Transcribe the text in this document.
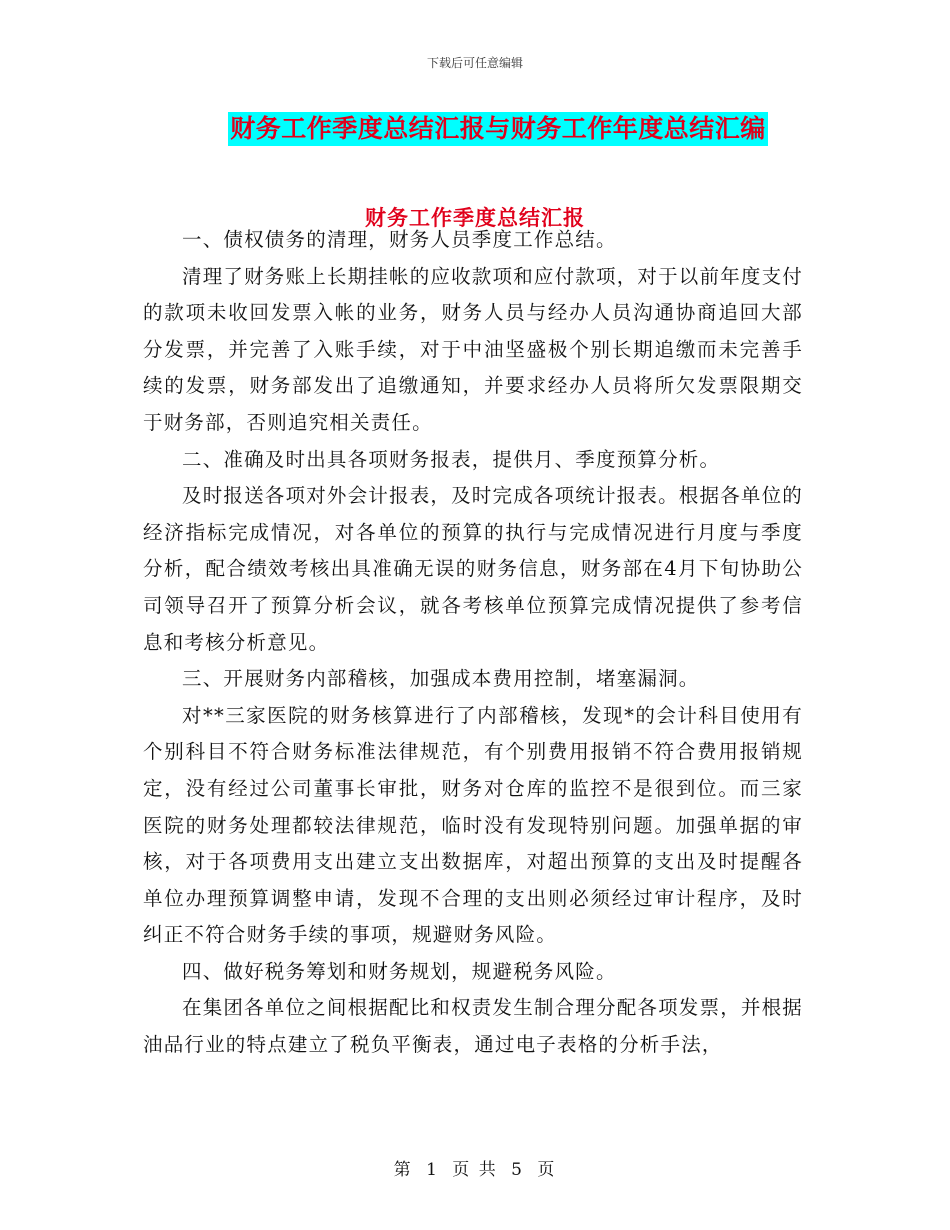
下载后可任意编辑
财务工作季度总结汇报与财务工作年度总结汇编
财务工作季度总结汇报

一、债权债务的清理，财务人员季度工作总结。

清理了财务账上长期挂帐的应收款项和应付款项，对于以前年度支付的款项未收回发票入帐的业务，财务人员与经办人员沟通协商追回大部分发票，并完善了入账手续，对于中油坚盛极个别长期追缴而未完善手续的发票，财务部发出了追缴通知，并要求经办人员将所欠发票限期交于财务部，否则追究相关责任。

二、准确及时出具各项财务报表，提供月、季度预算分析。

及时报送各项对外会计报表，及时完成各项统计报表。根据各单位的经济指标完成情况，对各单位的预算的执行与完成情况进行月度与季度分析，配合绩效考核出具准确无误的财务信息，财务部在4月下旬协助公司领导召开了预算分析会议，就各考核单位预算完成情况提供了参考信息和考核分析意见。

三、开展财务内部稽核，加强成本费用控制，堵塞漏洞。

对**三家医院的财务核算进行了内部稽核，发现*的会计科目使用有个别科目不符合财务标准法律规范，有个别费用报销不符合费用报销规定，没有经过公司董事长审批，财务对仓库的监控不是很到位。而三家医院的财务处理都较法律规范，临时没有发现特别问题。加强单据的审核，对于各项费用支出建立支出数据库，对超出预算的支出及时提醒各单位办理预算调整申请，发现不合理的支出则必须经过审计程序，及时纠正不符合财务手续的事项，规避财务风险。

四、做好税务筹划和财务规划，规避税务风险。

在集团各单位之间根据配比和权责发生制合理分配各项发票，并根据油品行业的特点建立了税负平衡表，通过电子表格的分析手法，

第 1 页 共 5 页
